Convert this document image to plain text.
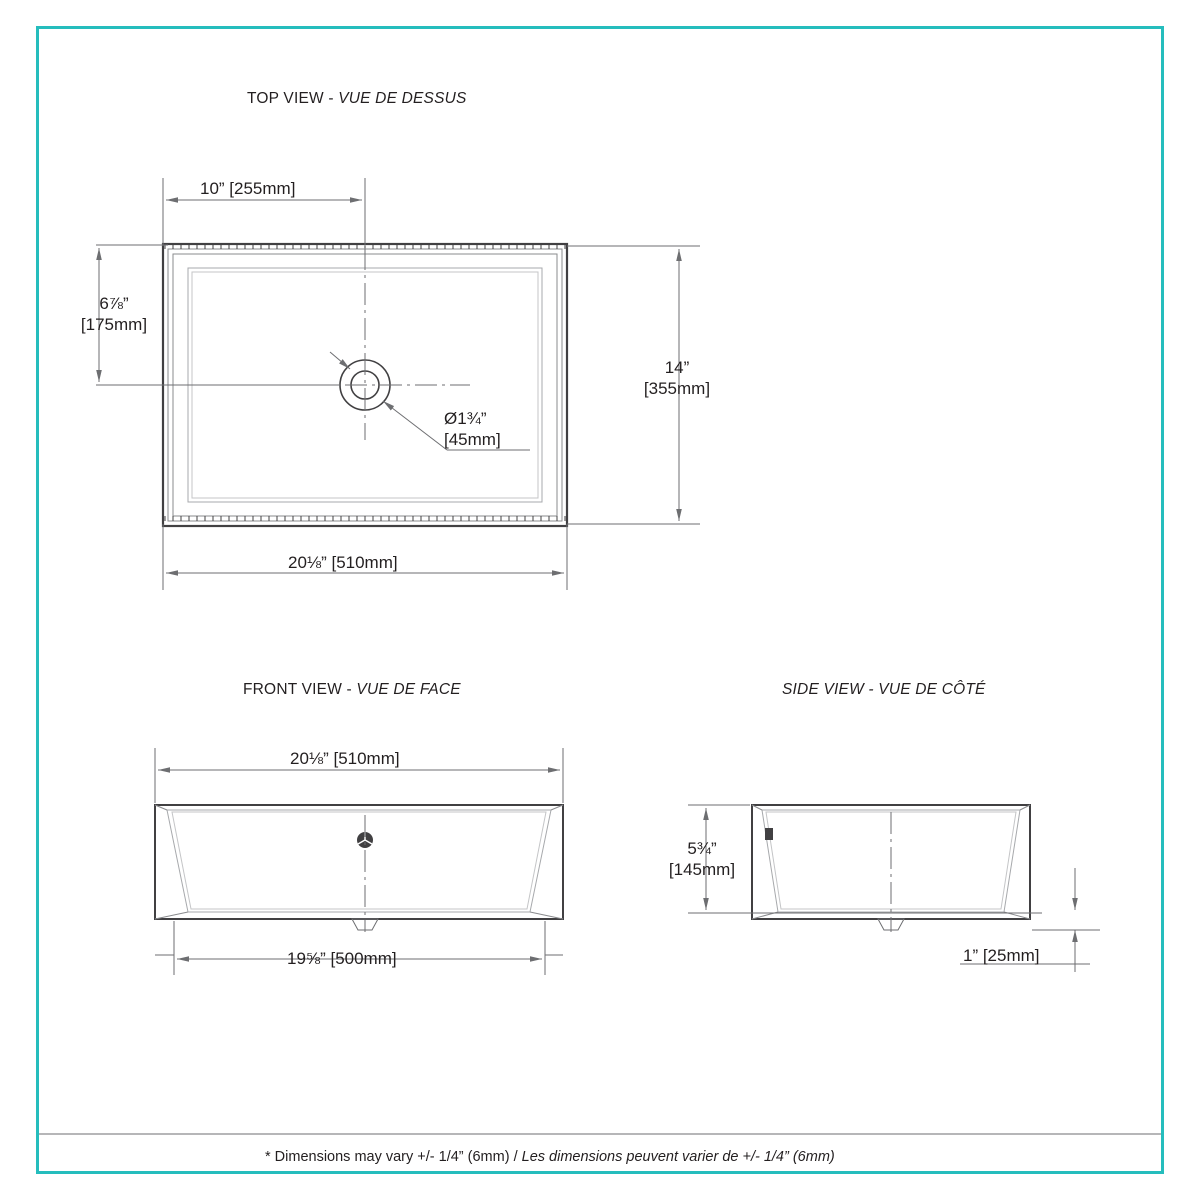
TOP VIEW - VUE DE DESSUS
10” [255mm]
6⅞”
[175mm]
14”
[355mm]
Ø1¾”
[45mm]
20⅛” [510mm]
FRONT VIEW - VUE DE FACE
20⅛” [510mm]
19⅝” [500mm]
SIDE VIEW - VUE DE CÔTÉ
5¾”
[145mm]
1” [25mm]
* Dimensions may vary +/- 1/4” (6mm) / Les dimensions peuvent varier de +/- 1/4” (6mm)
